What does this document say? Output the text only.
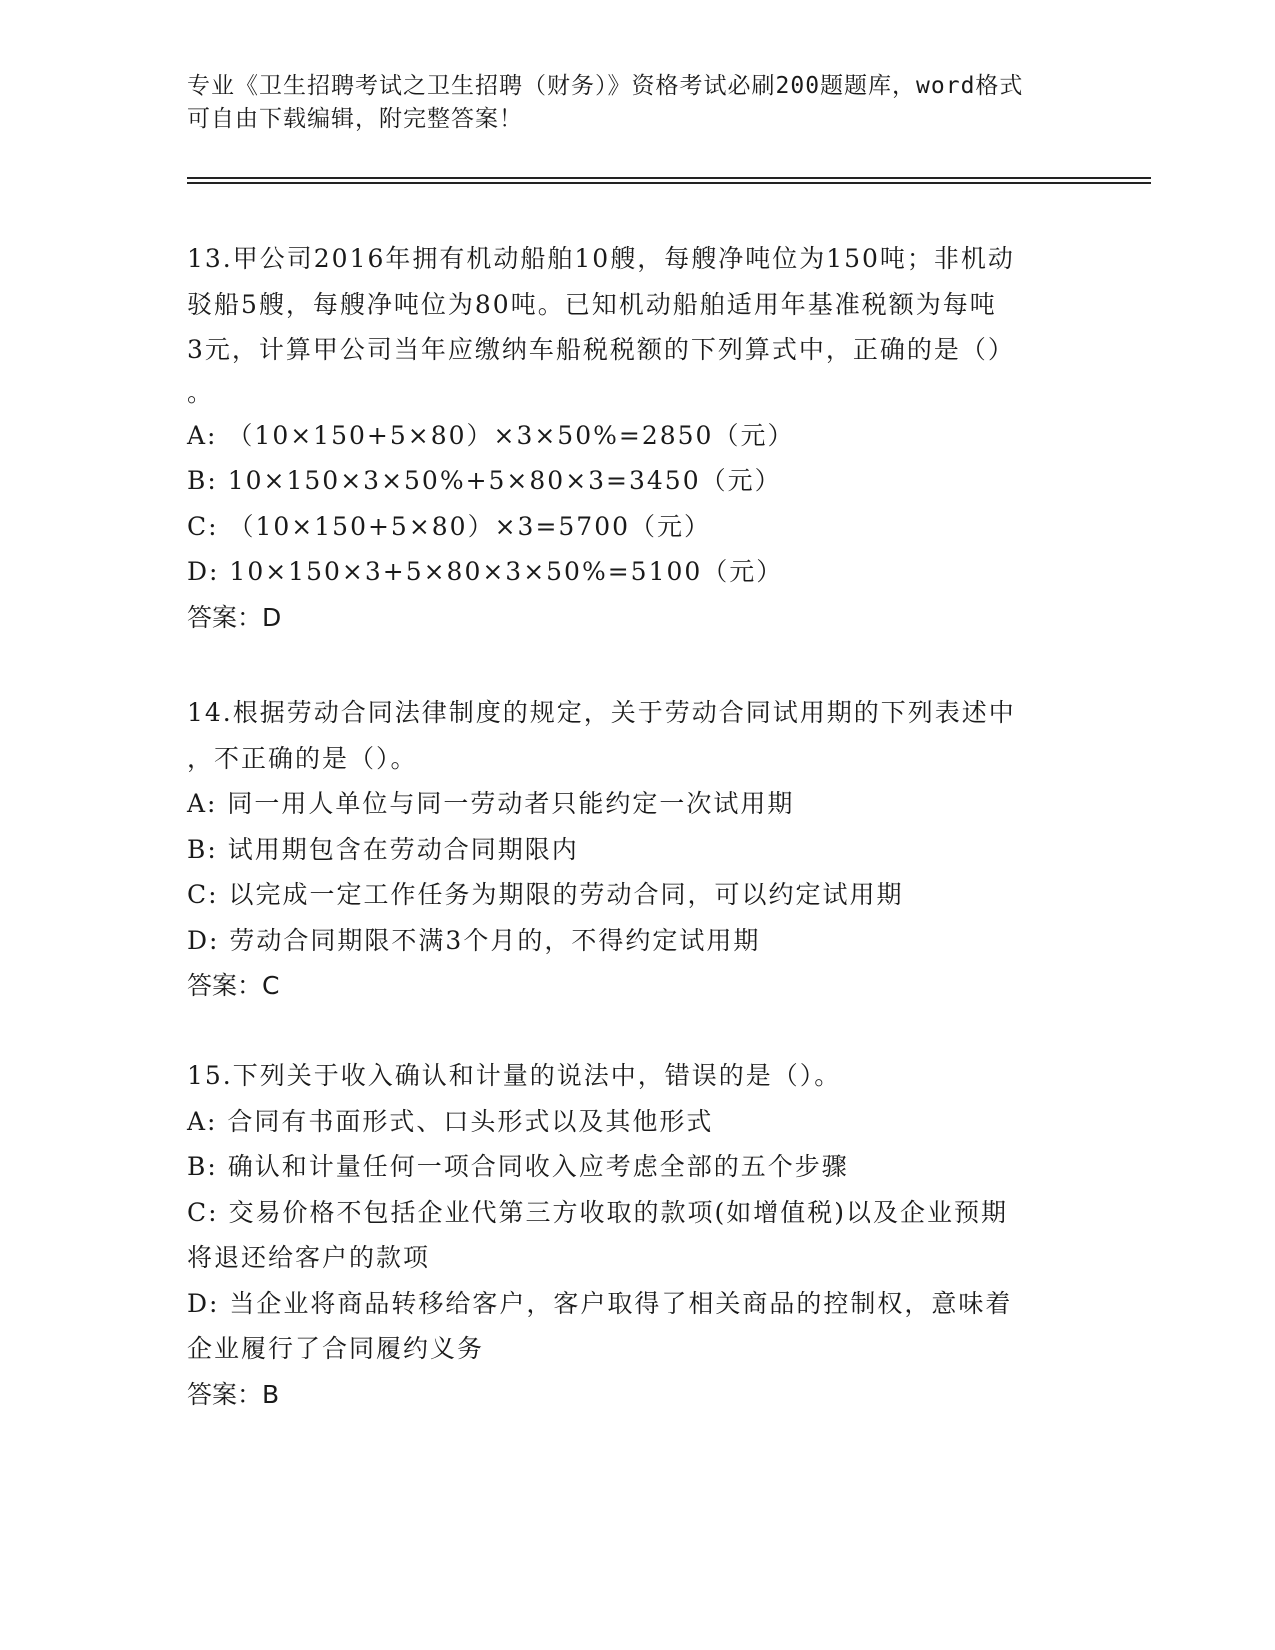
专业《卫生招聘考试之卫生招聘（财务）》资格考试必刷200题题库，word格式

可自由下载编辑，附完整答案！

13.甲公司2016年拥有机动船舶10艘，每艘净吨位为150吨；非机动

驳船5艘，每艘净吨位为80吨。已知机动船舶适用年基准税额为每吨

3元，计算甲公司当年应缴纳车船税税额的下列算式中，正确的是（）

。

A: （10×150+5×80）×3×50%=2850（元）

B: 10×150×3×50%+5×80×3=3450（元）

C: （10×150+5×80）×3=5700（元）

D: 10×150×3+5×80×3×50%=5100（元）

答案：D

14.根据劳动合同法律制度的规定，关于劳动合同试用期的下列表述中

，不正确的是（）。

A: 同一用人单位与同一劳动者只能约定一次试用期

B: 试用期包含在劳动合同期限内

C: 以完成一定工作任务为期限的劳动合同，可以约定试用期

D: 劳动合同期限不满3个月的，不得约定试用期

答案：C

15.下列关于收入确认和计量的说法中，错误的是（）。

A: 合同有书面形式、口头形式以及其他形式

B: 确认和计量任何一项合同收入应考虑全部的五个步骤

C: 交易价格不包括企业代第三方收取的款项(如增值税)以及企业预期

将退还给客户的款项

D: 当企业将商品转移给客户，客户取得了相关商品的控制权，意味着

企业履行了合同履约义务

答案：B
